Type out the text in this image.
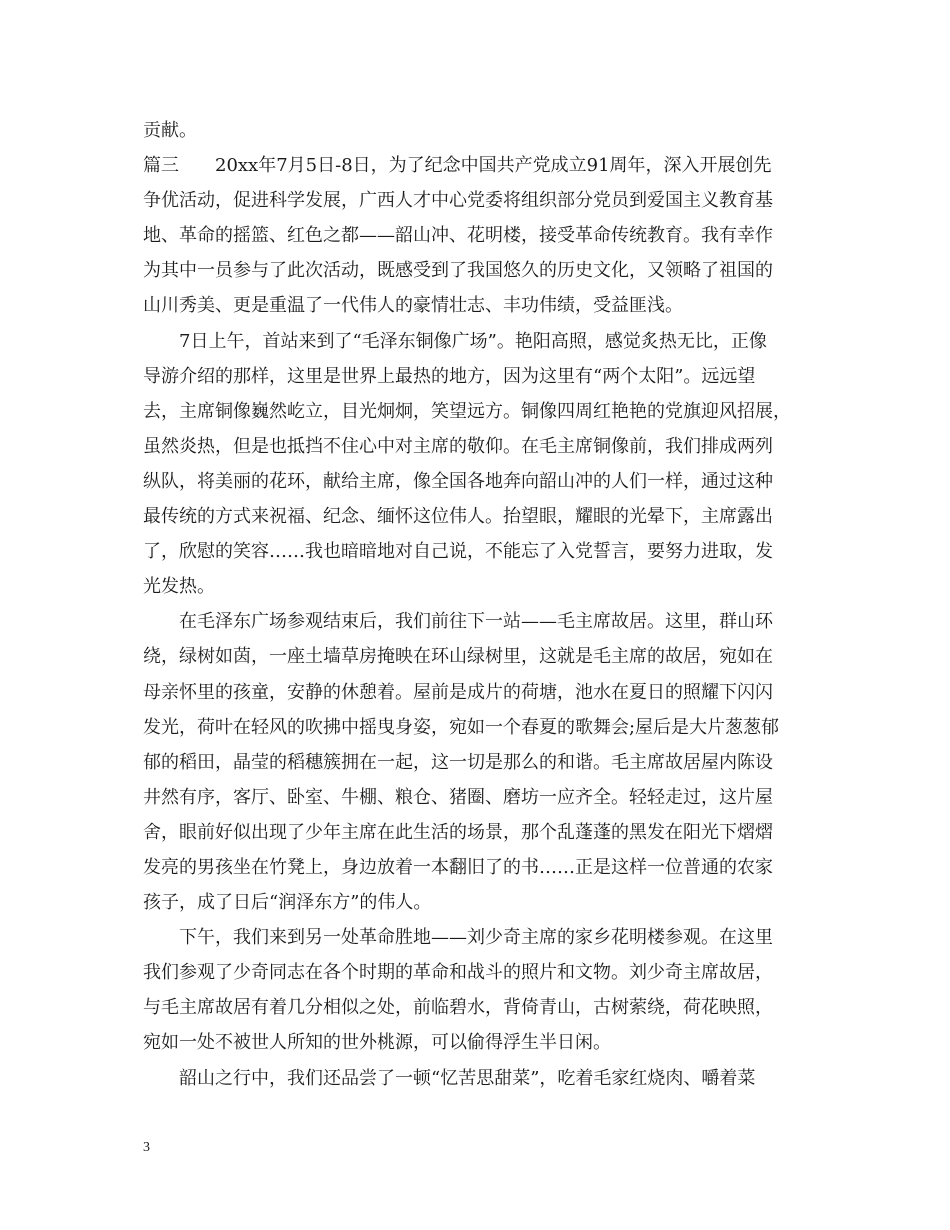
贡献。
篇三 20xx年7月5日-8日，为了纪念中国共产党成立91周年，深入开展创先
争优活动，促进科学发展，广西人才中心党委将组织部分党员到爱国主义教育基
地、革命的摇篮、红色之都——韶山冲、花明楼，接受革命传统教育。我有幸作
为其中一员参与了此次活动，既感受到了我国悠久的历史文化，又领略了祖国的
山川秀美、更是重温了一代伟人的豪情壮志、丰功伟绩，受益匪浅。
7日上午，首站来到了“毛泽东铜像广场”。艳阳高照，感觉炙热无比，正像
导游介绍的那样，这里是世界上最热的地方，因为这里有“两个太阳”。远远望
去，主席铜像巍然屹立，目光炯炯，笑望远方。铜像四周红艳艳的党旗迎风招展，
虽然炎热，但是也抵挡不住心中对主席的敬仰。在毛主席铜像前，我们排成两列
纵队，将美丽的花环，献给主席，像全国各地奔向韶山冲的人们一样，通过这种
最传统的方式来祝福、纪念、缅怀这位伟人。抬望眼，耀眼的光晕下，主席露出
了，欣慰的笑容……我也暗暗地对自己说，不能忘了入党誓言，要努力进取，发
光发热。
在毛泽东广场参观结束后，我们前往下一站——毛主席故居。这里，群山环
绕，绿树如茵，一座土墙草房掩映在环山绿树里，这就是毛主席的故居，宛如在
母亲怀里的孩童，安静的休憩着。屋前是成片的荷塘，池水在夏日的照耀下闪闪
发光，荷叶在轻风的吹拂中摇曳身姿，宛如一个春夏的歌舞会;屋后是大片葱葱郁
郁的稻田，晶莹的稻穗簇拥在一起，这一切是那么的和谐。毛主席故居屋内陈设
井然有序，客厅、卧室、牛棚、粮仓、猪圈、磨坊一应齐全。轻轻走过，这片屋
舍，眼前好似出现了少年主席在此生活的场景，那个乱蓬蓬的黑发在阳光下熠熠
发亮的男孩坐在竹凳上，身边放着一本翻旧了的书……正是这样一位普通的农家
孩子，成了日后“润泽东方”的伟人。
下午，我们来到另一处革命胜地——刘少奇主席的家乡花明楼参观。在这里
我们参观了少奇同志在各个时期的革命和战斗的照片和文物。刘少奇主席故居，
与毛主席故居有着几分相似之处，前临碧水，背倚青山，古树萦绕，荷花映照，
宛如一处不被世人所知的世外桃源，可以偷得浮生半日闲。
韶山之行中，我们还品尝了一顿“忆苦思甜菜”，吃着毛家红烧肉、嚼着菜
3
